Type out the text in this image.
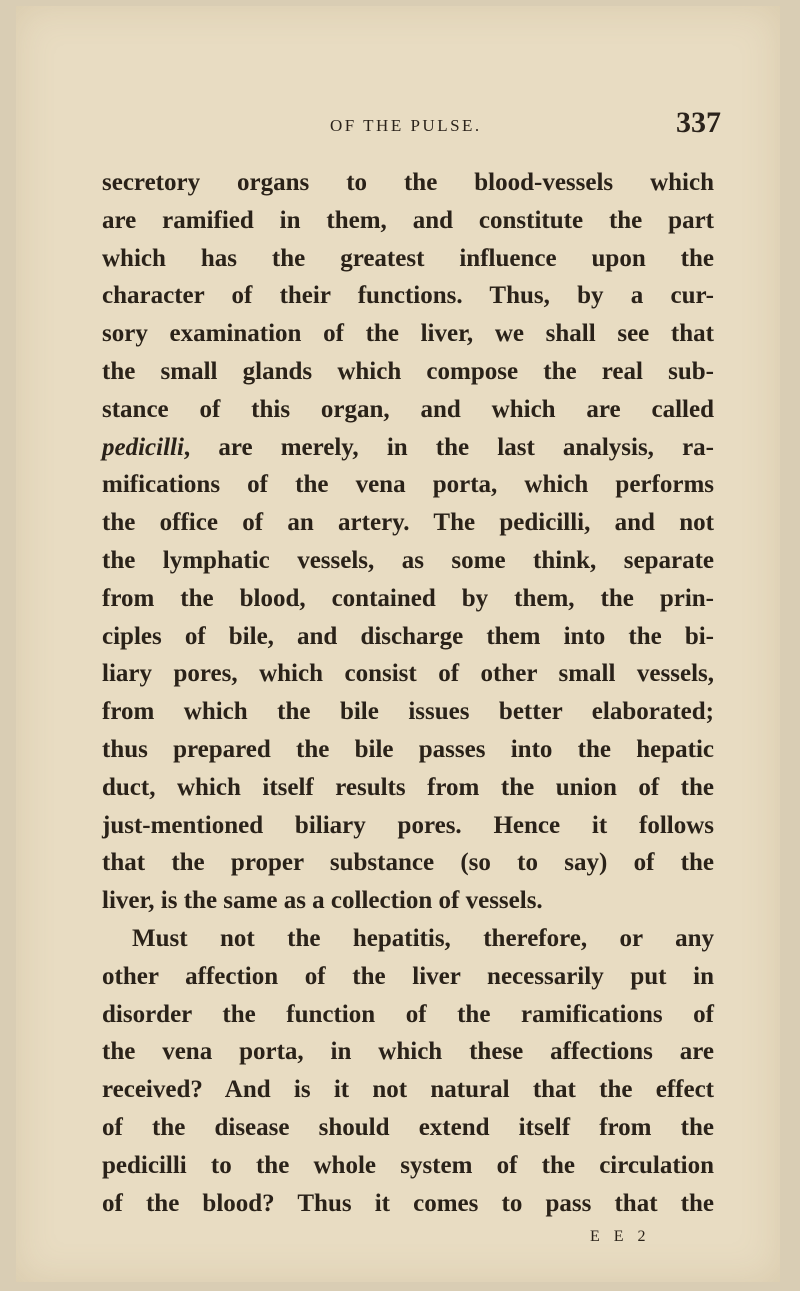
OF THE PULSE.	337
secretory organs to the blood-vessels which
are ramified in them, and constitute the part
which has the greatest influence upon the
character of their functions. Thus, by a cur-
sory examination of the liver, we shall see that
the small glands which compose the real sub-
stance of this organ, and which are called
pedicilli, are merely, in the last analysis, ra-
mifications of the vena porta, which performs
the office of an artery. The pedicilli, and not
the lymphatic vessels, as some think, separate
from the blood, contained by them, the prin-
ciples of bile, and discharge them into the bi-
liary pores, which consist of other small vessels,
from which the bile issues better elaborated;
thus prepared the bile passes into the hepatic
duct, which itself results from the union of the
just-mentioned biliary pores. Hence it follows
that the proper substance (so to say) of the
liver, is the same as a collection of vessels.
Must not the hepatitis, therefore, or any
other affection of the liver necessarily put in
disorder the function of the ramifications of
the vena porta, in which these affections are
received? And is it not natural that the effect
of the disease should extend itself from the
pedicilli to the whole system of the circulation
of the blood? Thus it comes to pass that the
E E 2
